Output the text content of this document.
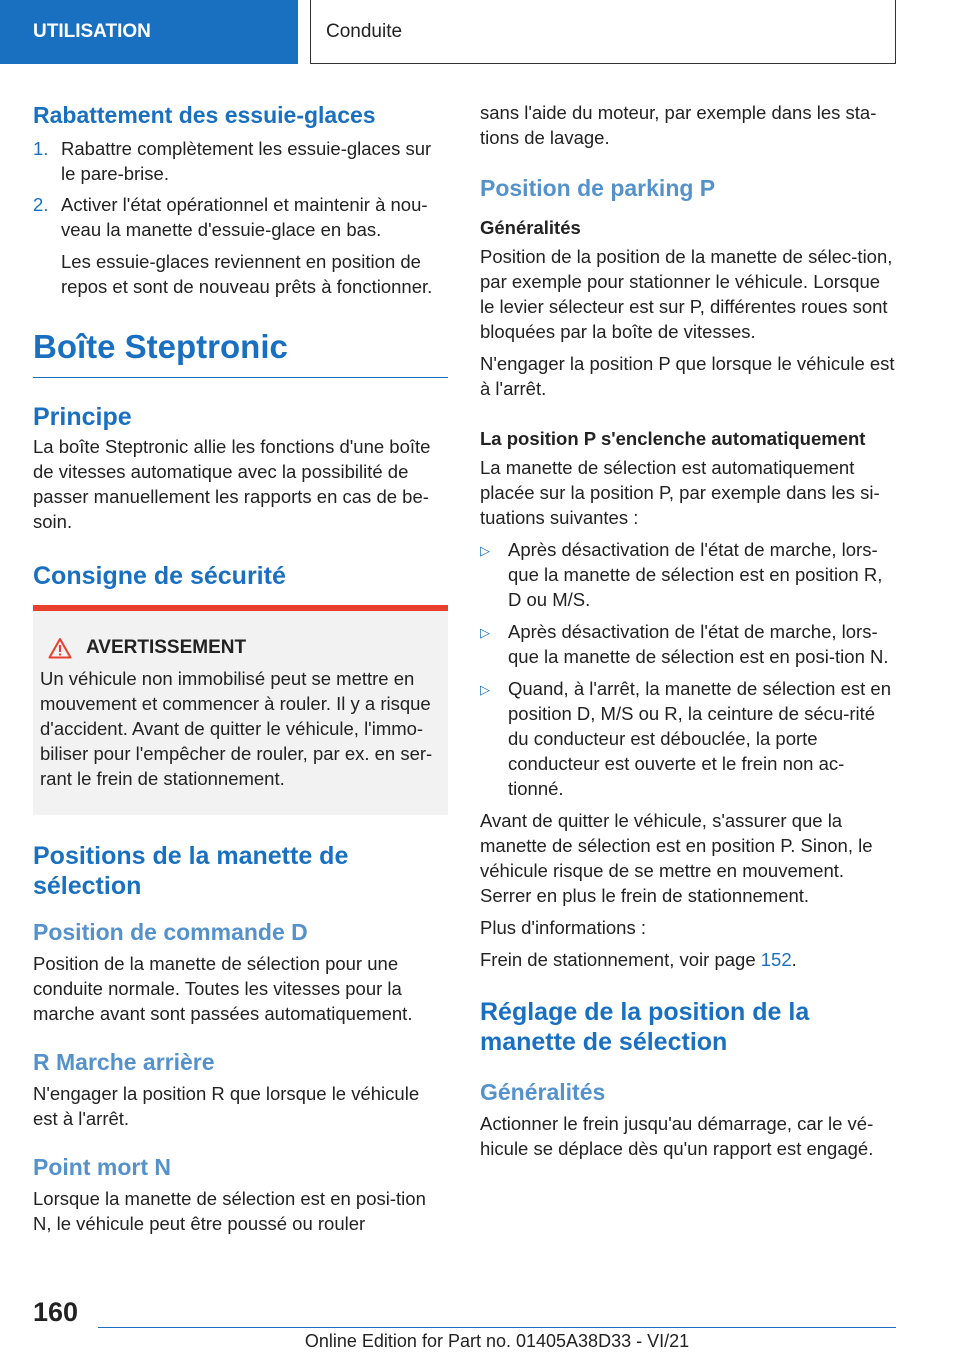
UTILISATION	Conduite
Rabattement des essuie-glaces
1. Rabattre complètement les essuie-glaces sur le pare-brise.
2. Activer l'état opérationnel et maintenir à nou-veau la manette d'essuie-glace en bas.
Les essuie-glaces reviennent en position de repos et sont de nouveau prêts à fonctionner.
Boîte Steptronic
Principe

La boîte Steptronic allie les fonctions d'une boîte de vitesses automatique avec la possibilité de passer manuellement les rapports en cas de be-soin.

Consigne de sécurité
AVERTISSEMENT
Un véhicule non immobilisé peut se mettre en mouvement et commencer à rouler. Il y a risque d'accident. Avant de quitter le véhicule, l'immo-biliser pour l'empêcher de rouler, par ex. en ser-rant le frein de stationnement.
Positions de la manette de sélection
Position de commande D

Position de la manette de sélection pour une conduite normale. Toutes les vitesses pour la marche avant sont passées automatiquement.

R Marche arrière

N'engager la position R que lorsque le véhicule est à l'arrêt.

Point mort N

Lorsque la manette de sélection est en posi-tion N, le véhicule peut être poussé ou rouler

sans l'aide du moteur, par exemple dans les sta-tions de lavage.

Position de parking P
Généralités

Position de la position de la manette de sélec-tion, par exemple pour stationner le véhicule. Lorsque le levier sélecteur est sur P, différentes roues sont bloquées par la boîte de vitesses.

N'engager la position P que lorsque le véhicule est à l'arrêt.

La position P s'enclenche automatiquement

La manette de sélection est automatiquement placée sur la position P, par exemple dans les si-tuations suivantes :

▷ Après désactivation de l'état de marche, lors-que la manette de sélection est en position R, D ou M/S.
▷ Après désactivation de l'état de marche, lors-que la manette de sélection est en posi-tion N.
▷ Quand, à l'arrêt, la manette de sélection est en position D, M/S ou R, la ceinture de sécu-rité du conducteur est débouclée, la porte conducteur est ouverte et le frein non ac-tionné.

Avant de quitter le véhicule, s'assurer que la manette de sélection est en position P. Sinon, le véhicule risque de se mettre en mouvement. Serrer en plus le frein de stationnement.

Plus d'informations :

Frein de stationnement, voir page 152.

Réglage de la position de la manette de sélection
Généralités

Actionner le frein jusqu'au démarrage, car le vé-hicule se déplace dès qu'un rapport est engagé.

160
Online Edition for Part no. 01405A38D33 - VI/21
